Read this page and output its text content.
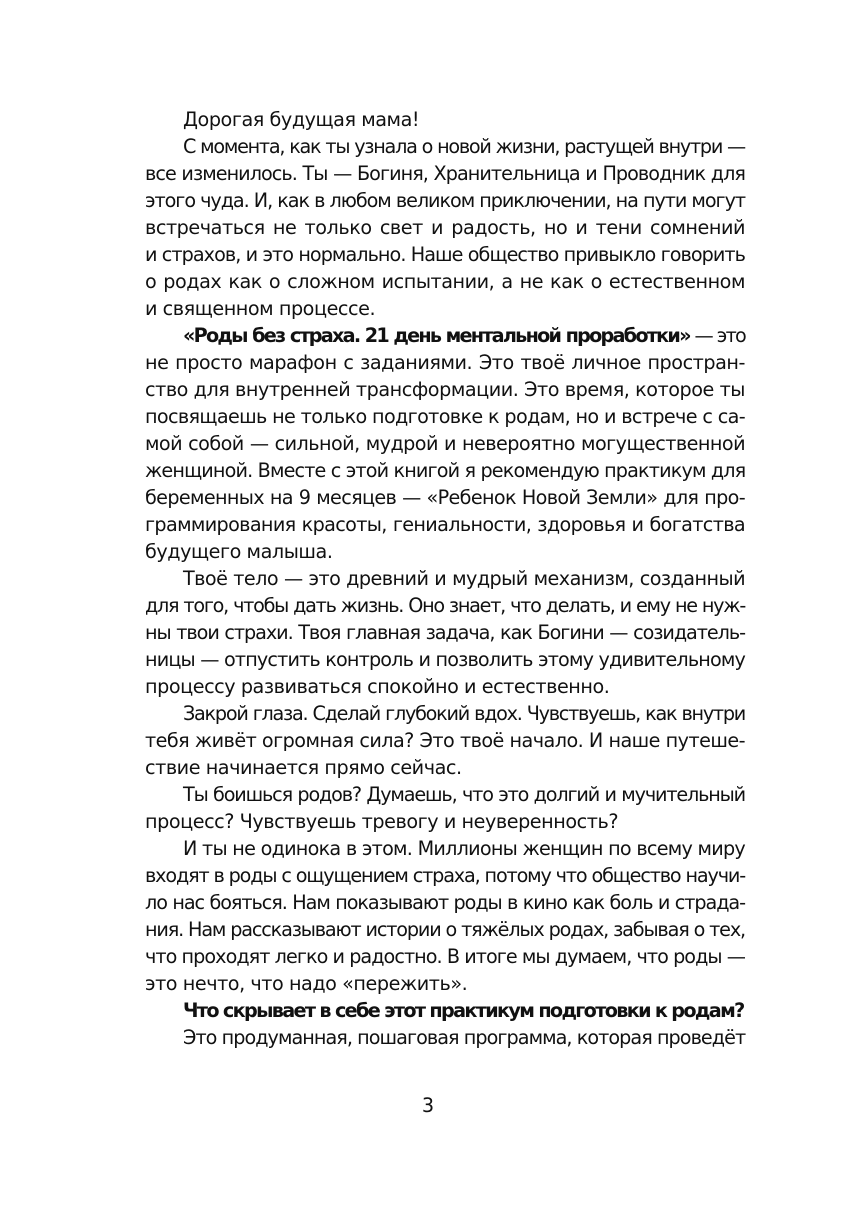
Дорогая будущая мама!
С момента, как ты узнала о новой жизни, растущей внутри —
все изменилось. Ты — Богиня, Хранительница и Проводник для
этого чуда. И, как в любом великом приключении, на пути могут
встречаться не только свет и радость, но и тени сомнений
и страхов, и это нормально. Наше общество привыкло говорить
о родах как о сложном испытании, а не как о естественном
и священном процессе.
«Роды без страха. 21 день ментальной проработки» — это
не просто марафон с заданиями. Это твоё личное простран-
ство для внутренней трансформации. Это время, которое ты
посвящаешь не только подготовке к родам, но и встрече с са-
мой собой — сильной, мудрой и невероятно могущественной
женщиной. Вместе с этой книгой я рекомендую практикум для
беременных на 9 месяцев — «Ребенок Новой Земли» для про-
граммирования красоты, гениальности, здоровья и богатства
будущего малыша.
Твоё тело — это древний и мудрый механизм, созданный
для того, чтобы дать жизнь. Оно знает, что делать, и ему не нуж-
ны твои страхи. Твоя главная задача, как Богини — созидатель-
ницы — отпустить контроль и позволить этому удивительному
процессу развиваться спокойно и естественно.
Закрой глаза. Сделай глубокий вдох. Чувствуешь, как внутри
тебя живёт огромная сила? Это твоё начало. И наше путеше-
ствие начинается прямо сейчас.
Ты боишься родов? Думаешь, что это долгий и мучительный
процесс? Чувствуешь тревогу и неуверенность?
И ты не одинока в этом. Миллионы женщин по всему миру
входят в роды с ощущением страха, потому что общество научи-
ло нас бояться. Нам показывают роды в кино как боль и страда-
ния. Нам рассказывают истории о тяжёлых родах, забывая о тех,
что проходят легко и радостно. В итоге мы думаем, что роды —
это нечто, что надо «пережить».
Что скрывает в себе этот практикум подготовки к родам?
Это продуманная, пошаговая программа, которая проведёт
3
